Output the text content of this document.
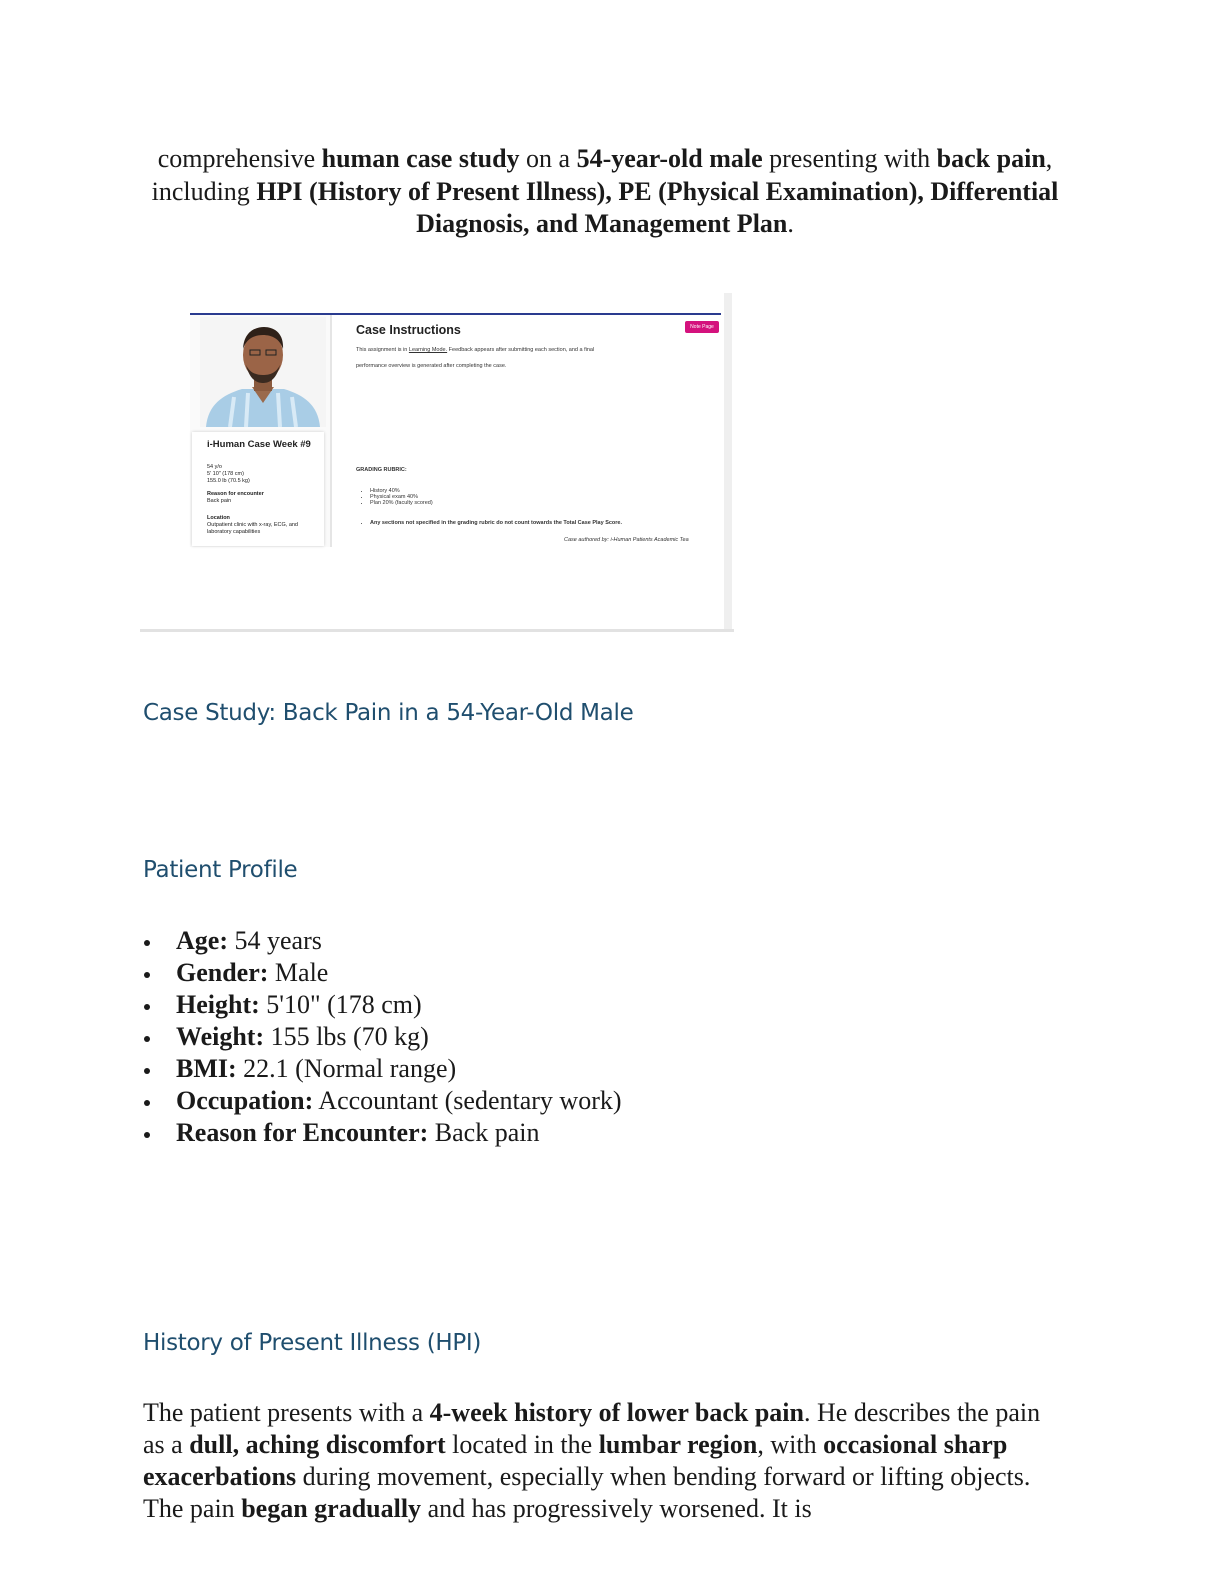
comprehensive human case study on a 54-year-old male presenting with back pain, including HPI (History of Present Illness), PE (Physical Examination), Differential Diagnosis, and Management Plan.
i-Human Case Week #9
54 y/o
5' 10" (178 cm)
155.0 lb (70.5 kg)
Reason for encounter
Back pain
Location
Outpatient clinic with x-ray, ECG, and laboratory capabilities
Case Instructions	Note Page
This assignment is in Learning Mode. Feedback appears after submitting each section, and a final
performance overview is generated after completing the case.
GRADING RUBRIC:
• History 40%
• Physical exam 40%
• Plan 20% (faculty scored)
• Any sections not specified in the grading rubric do not count towards the Total Case Play Score.
Case authored by: i-Human Patients Academic Tea
Case Study: Back Pain in a 54-Year-Old Male
Patient Profile
Age: 54 years
Gender: Male
Height: 5'10" (178 cm)
Weight: 155 lbs (70 kg)
BMI: 22.1 (Normal range)
Occupation: Accountant (sedentary work)
Reason for Encounter: Back pain
History of Present Illness (HPI)
The patient presents with a 4-week history of lower back pain. He describes the pain as a dull, aching discomfort located in the lumbar region, with occasional sharp exacerbations during movement, especially when bending forward or lifting objects. The pain began gradually and has progressively worsened. It is
